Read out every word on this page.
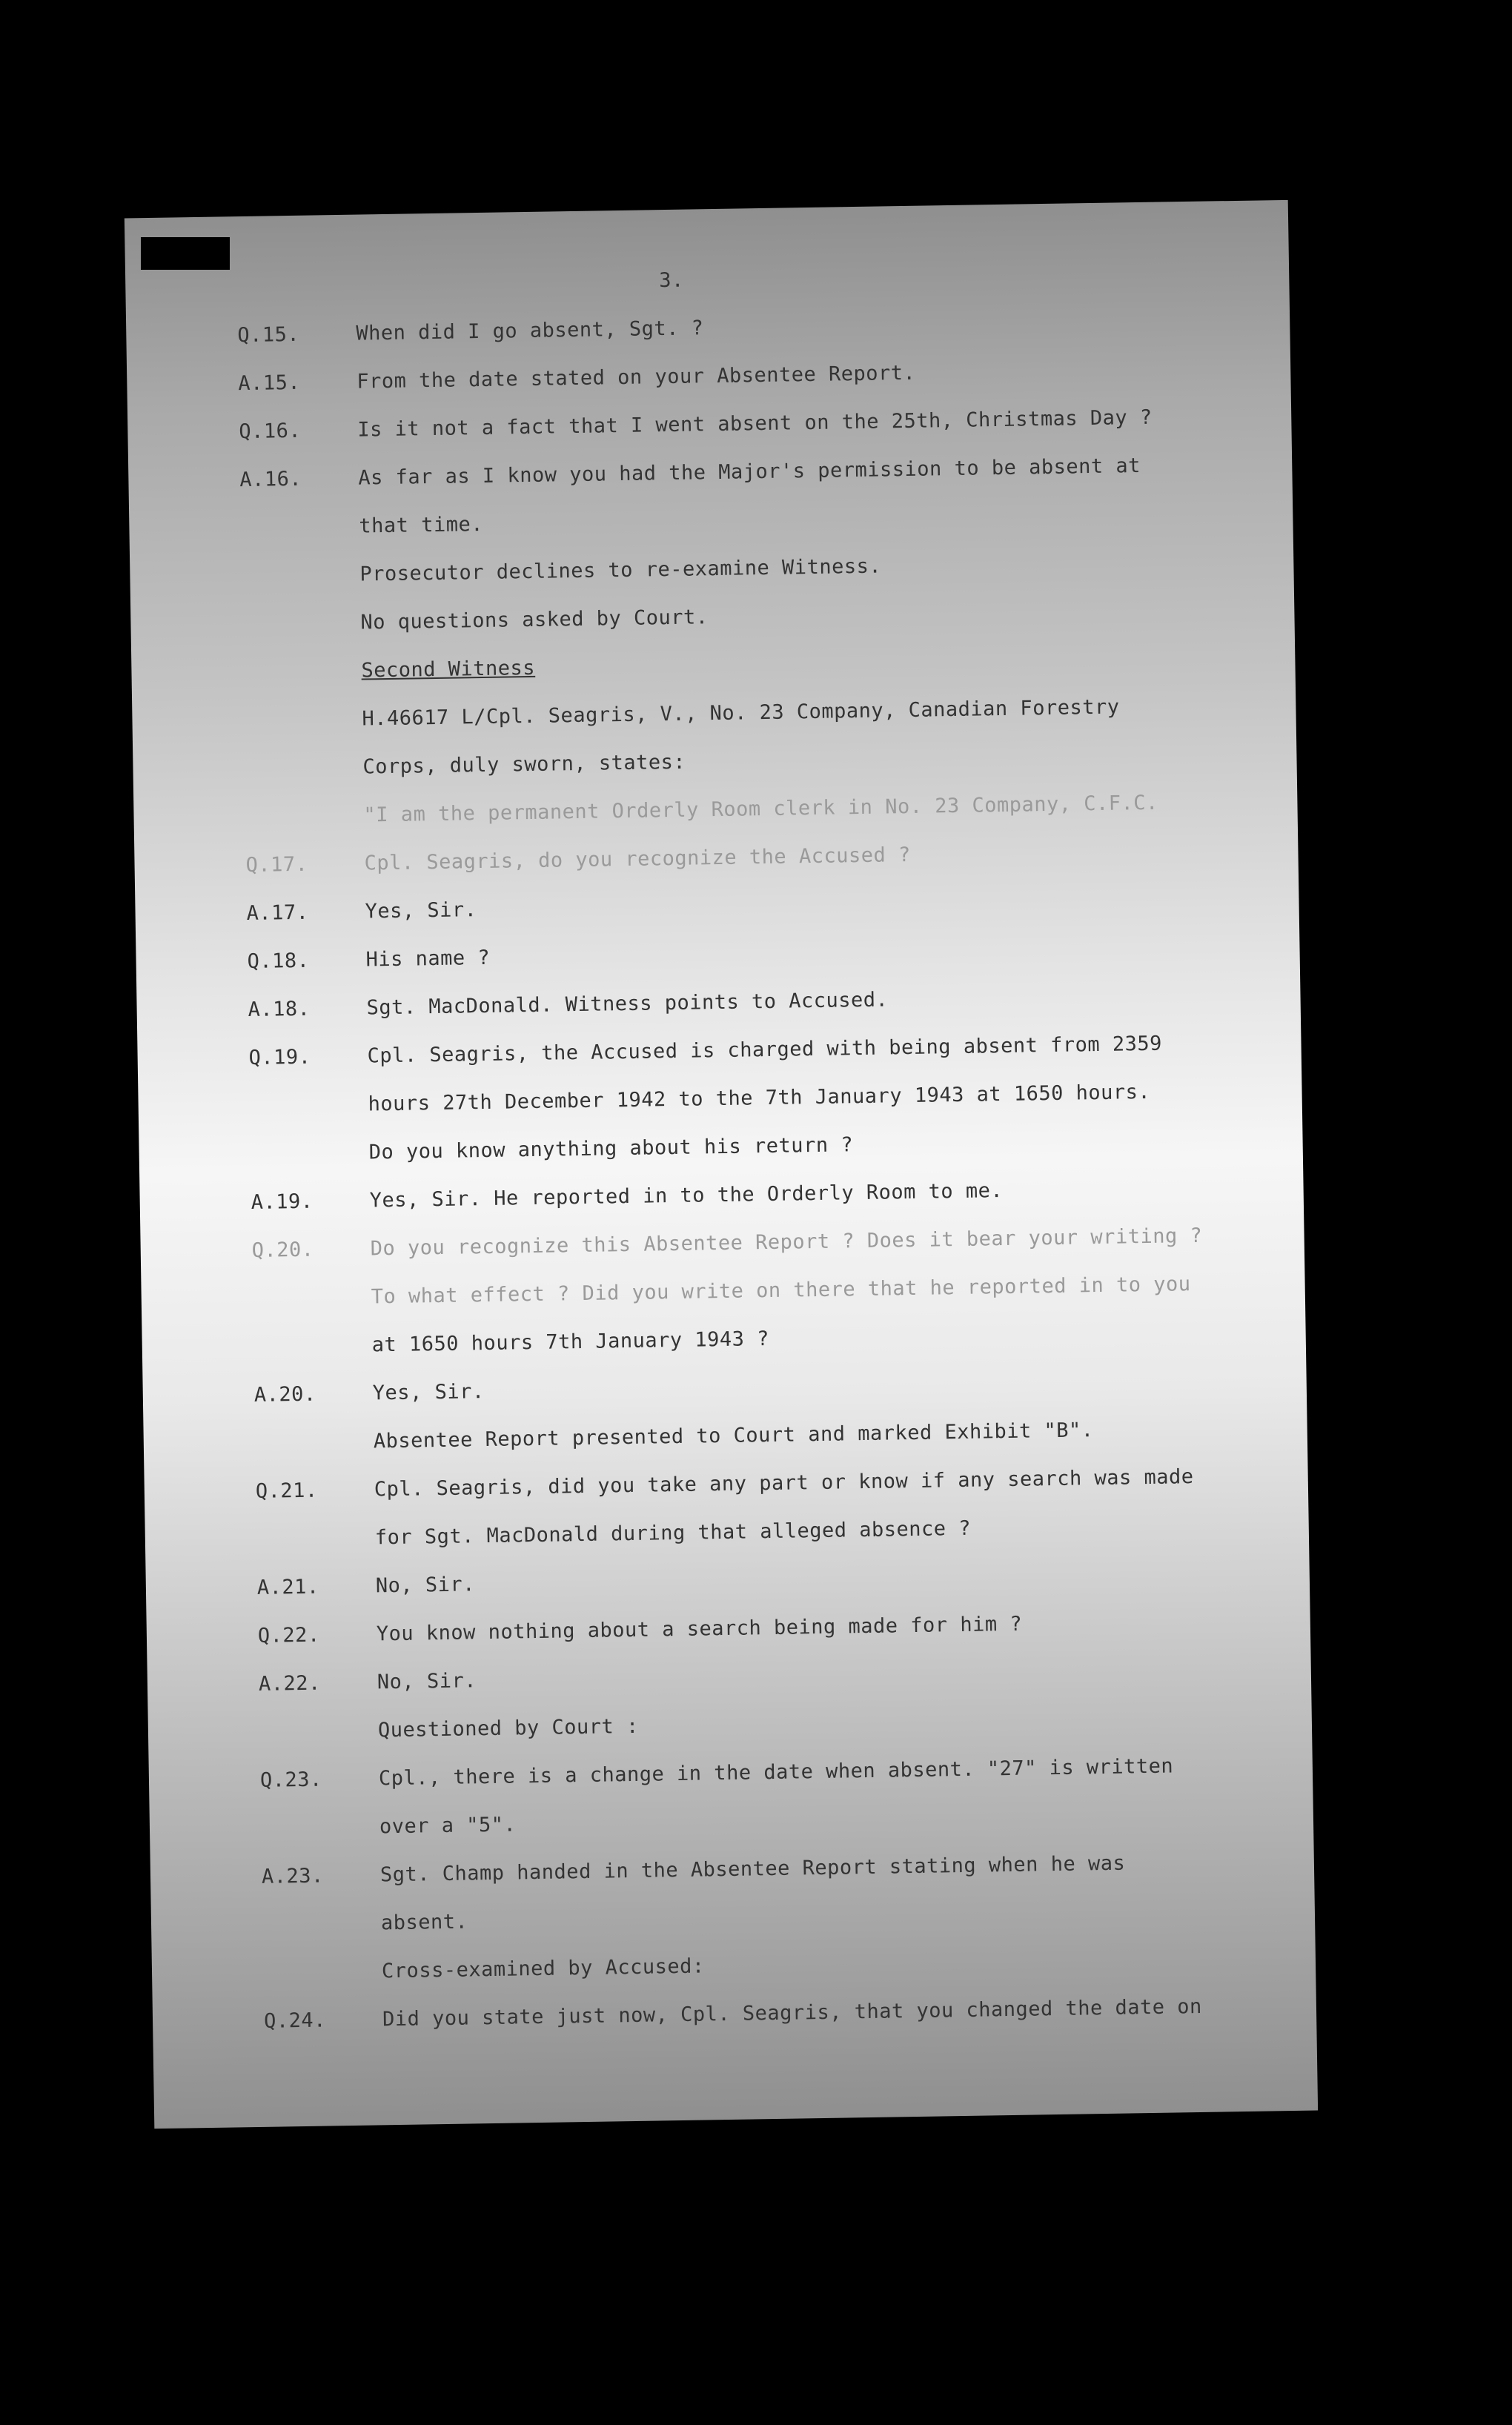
3.
Q.15.	When did I go absent, Sgt. ?
A.15.	From the date stated on your Absentee Report.
Q.16.	Is it not a fact that I went absent on the 25th, Christmas Day ?
A.16.	As far as I know you had the Major's permission to be absent at
that time.
Prosecutor declines to re-examine Witness.
No questions asked by Court.
Second Witness
H.46617 L/Cpl. Seagris, V., No. 23 Company, Canadian Forestry
Corps, duly sworn, states:
"I am the permanent Orderly Room clerk in No. 23 Company, C.F.C.
Q.17.	Cpl. Seagris, do you recognize the Accused ?
A.17.	Yes, Sir.
Q.18.	His name ?
A.18.	Sgt. MacDonald. Witness points to Accused.
Q.19.	Cpl. Seagris, the Accused is charged with being absent from 2359
hours 27th December 1942 to the 7th January 1943 at 1650 hours.
Do you know anything about his return ?
A.19.	Yes, Sir. He reported in to the Orderly Room to me.
Q.20.	Do you recognize this Absentee Report ? Does it bear your writing ?
To what effect ? Did you write on there that he reported in to you
at 1650 hours 7th January 1943 ?
A.20.	Yes, Sir.
Absentee Report presented to Court and marked Exhibit "B".
Q.21.	Cpl. Seagris, did you take any part or know if any search was made
for Sgt. MacDonald during that alleged absence ?
A.21.	No, Sir.
Q.22.	You know nothing about a search being made for him ?
A.22.	No, Sir.
Questioned by Court :
Q.23.	Cpl., there is a change in the date when absent. "27" is written
over a "5".
A.23.	Sgt. Champ handed in the Absentee Report stating when he was
absent.
Cross-examined by Accused:
Q.24.	Did you state just now, Cpl. Seagris, that you changed the date on
